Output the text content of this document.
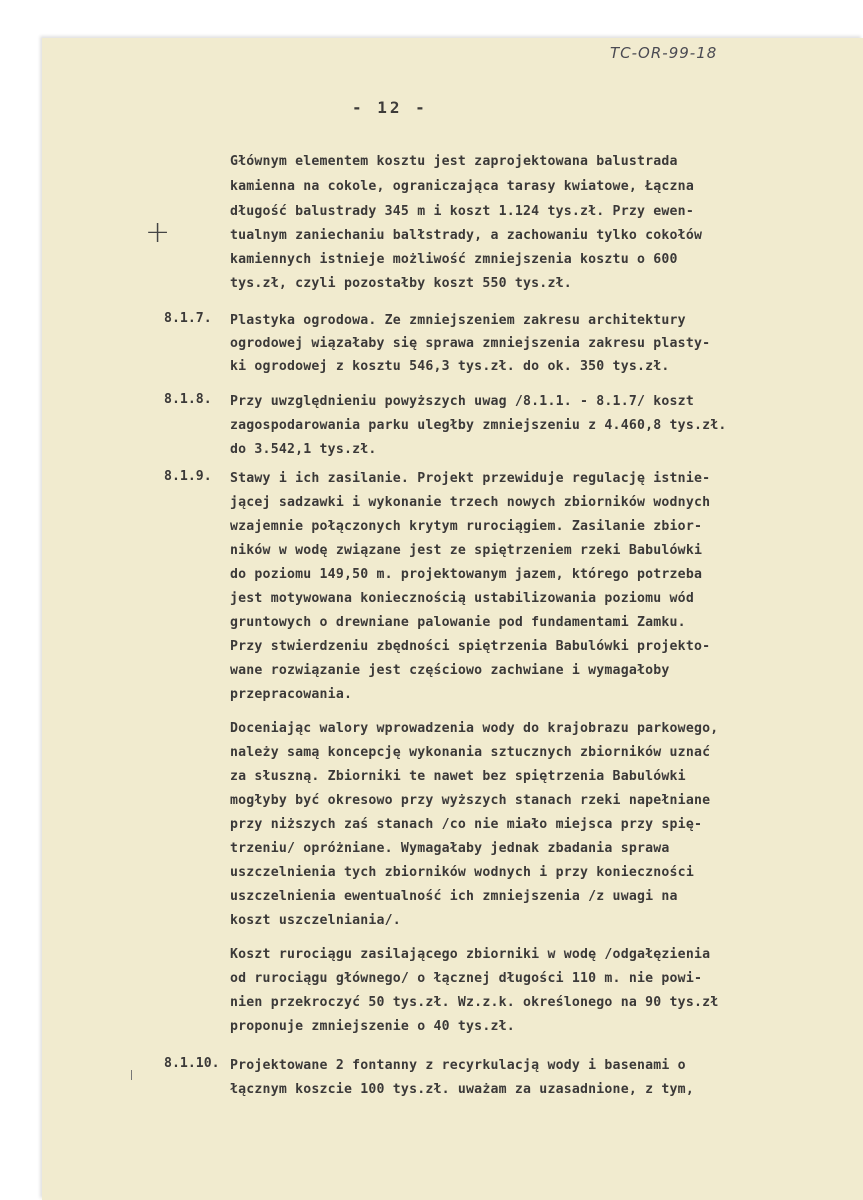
TC-OR-99-18
- 12 -
+
Głównym elementem kosztu jest zaprojektowana balustrada
kamienna na cokole, ograniczająca tarasy kwiatowe, Łączna
długość balustrady 345 m i koszt 1.124 tys.zł. Przy ewen-
tualnym zaniechaniu balłstrady, a zachowaniu tylko cokołów
kamiennych istnieje możliwość zmniejszenia kosztu o 600
tys.zł, czyli pozostałby koszt 550 tys.zł.
8.1.7. Plastyka ogrodowa. Ze zmniejszeniem zakresu architektury
ogrodowej wiązałaby się sprawa zmniejszenia zakresu plasty-
ki ogrodowej z kosztu 546,3 tys.zł. do ok. 350 tys.zł.
8.1.8. Przy uwzględnieniu powyższych uwag /8.1.1. - 8.1.7/ koszt
zagospodarowania parku uległby zmniejszeniu z 4.460,8 tys.zł.
do 3.542,1 tys.zł.
8.1.9. Stawy i ich zasilanie. Projekt przewiduje regulację istnie-
jącej sadzawki i wykonanie trzech nowych zbiorników wodnych
wzajemnie połączonych krytym rurociągiem. Zasilanie zbior-
ników w wodę związane jest ze spiętrzeniem rzeki Babulówki
do poziomu 149,50 m. projektowanym jazem, którego potrzeba
jest motywowana koniecznością ustabilizowania poziomu wód
gruntowych o drewniane palowanie pod fundamentami Zamku.
Przy stwierdzeniu zbędności spiętrzenia Babulówki projekto-
wane rozwiązanie jest częściowo zachwiane i wymagałoby
przepracowania.
Doceniając walory wprowadzenia wody do krajobrazu parkowego,
należy samą koncepcję wykonania sztucznych zbiorników uznać
za słuszną. Zbiorniki te nawet bez spiętrzenia Babulówki
mogłyby być okresowo przy wyższych stanach rzeki napełniane
przy niższych zaś stanach /co nie miało miejsca przy spię-
trzeniu/ opróżniane. Wymagałaby jednak zbadania sprawa
uszczelnienia tych zbiorników wodnych i przy konieczności
uszczelnienia ewentualność ich zmniejszenia /z uwagi na
koszt uszczelniania/.
Koszt rurociągu zasilającego zbiorniki w wodę /odgałęzienia
od rurociągu głównego/ o łącznej długości 110 m. nie powi-
nien przekroczyć 50 tys.zł. Wz.z.k. określonego na 90 tys.zł
proponuje zmniejszenie o 40 tys.zł.
8.1.10. Projektowane 2 fontanny z recyrkulacją wody i basenami o
łącznym koszcie 100 tys.zł. uważam za uzasadnione, z tym,
